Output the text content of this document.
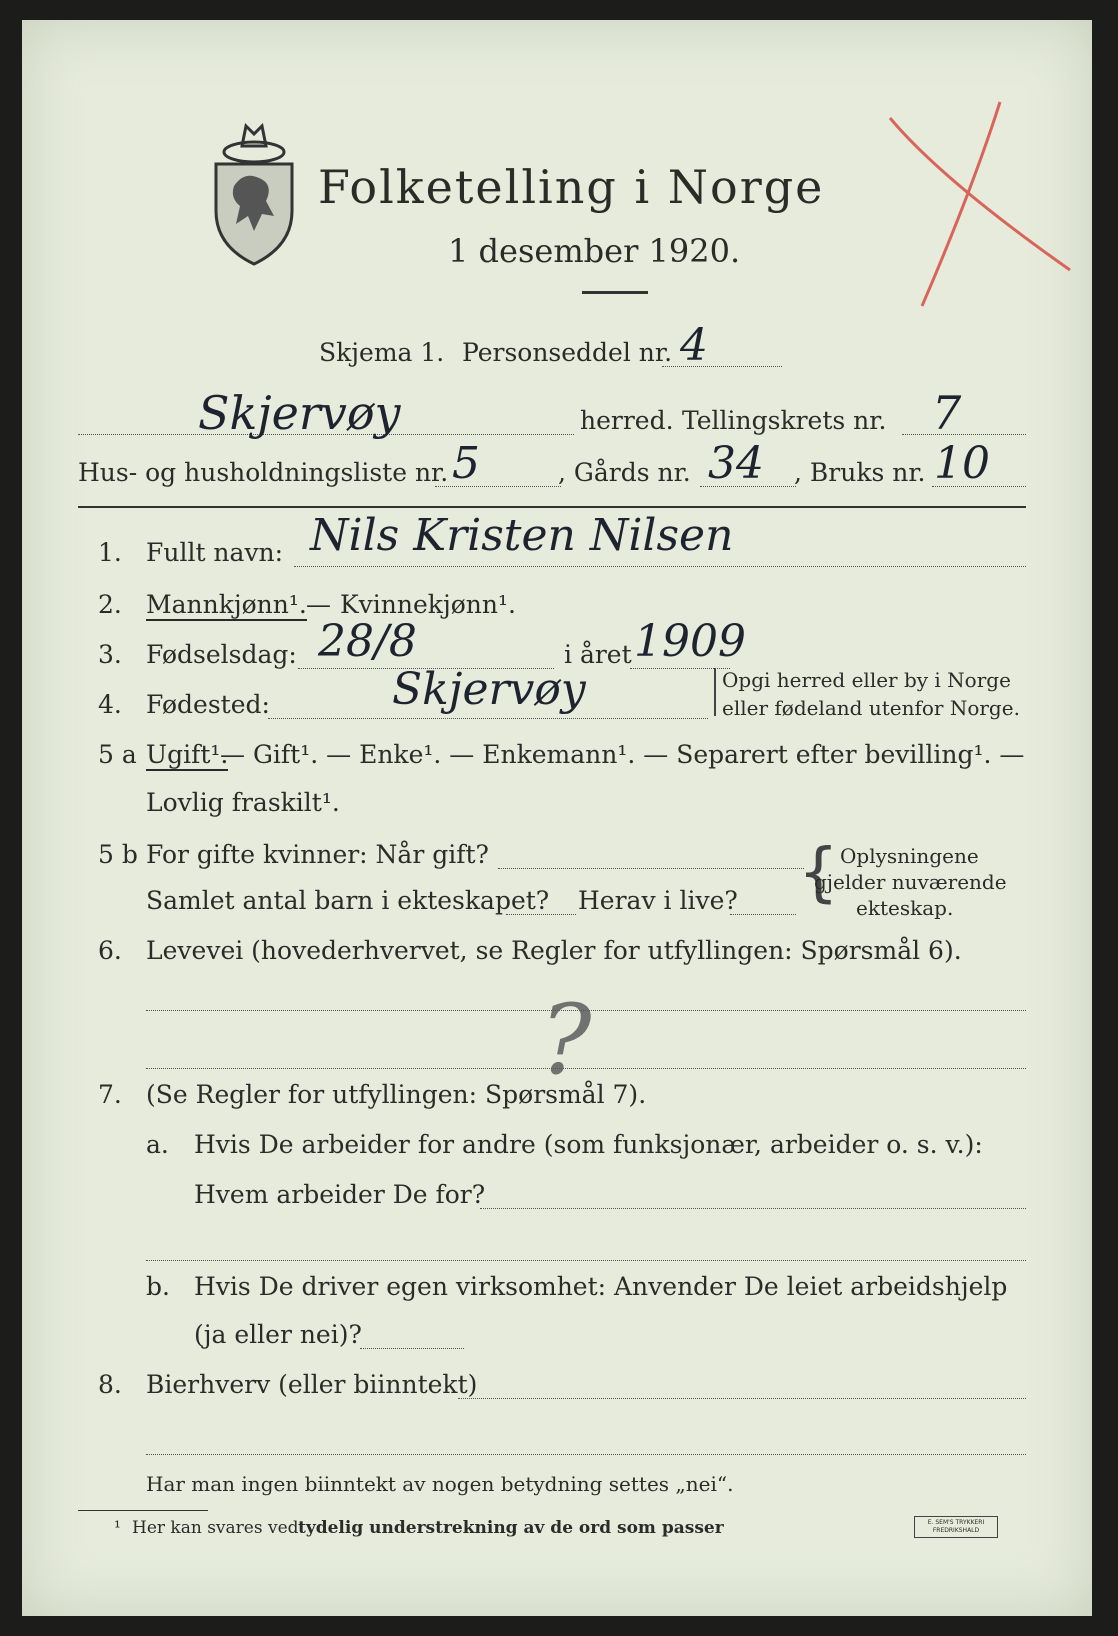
Folketelling i Norge
1 desember 1920.
Skjema 1. Personseddel nr. 4
Skjervøy	herred. Tellingskrets nr. 7
Hus- og husholdningsliste nr. 5	, Gårds nr. 34 , Bruks nr. 10
1. Fullt navn: Nils Kristen Nilsen
2. Mannkjønn¹. — Kvinnekjønn¹.
3. Fødselsdag: 28/8	i året 1909
4. Fødested:	Skjervøy	Opgi herred eller by i Norge
eller fødeland utenfor Norge.
5 a Ugift¹.
— Gift¹. — Enke¹. — Enkemann¹. — Separert efter bevilling¹. —
Lovlig fraskilt¹.
5 b For gifte kvinner: Når gift?
Samlet antal barn i ekteskapet? Herav i live? { Oplysningene
gjelder nuværende
ekteskap.
6. Levevei (hovederhvervet, se Regler for utfyllingen: Spørsmål 6).
?
7. (Se Regler for utfyllingen: Spørsmål 7).
a. Hvis De arbeider for andre (som funksjonær, arbeider o. s. v.):
Hvem arbeider De for?
b. Hvis De driver egen virksomhet: Anvender De leiet arbeidshjelp
(ja eller nei)?
8. Bierhverv (eller biinntekt)
Har man ingen biinntekt av nogen betydning settes „nei“.
¹ Her kan svares ved tydelig understrekning av de ord som passer	E. SEM'S TRYKKERI
FREDRIKSHALD
